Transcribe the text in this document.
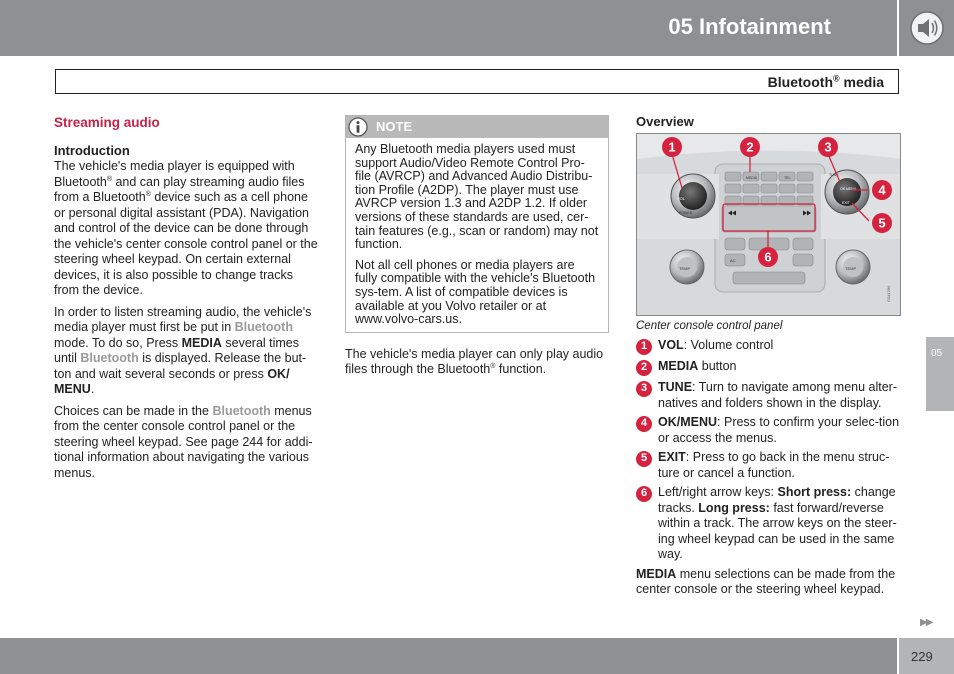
05 Infotainment
Bluetooth® media
Streaming audio
Introduction

The vehicle's media player is equipped with Bluetooth® and can play streaming audio files from a Bluetooth® device such as a cell phone or personal digital assistant (PDA). Navigation and control of the device can be done through the vehicle's center console control panel or the steering wheel keypad. On certain external devices, it is also possible to change tracks from the device.

In order to listen streaming audio, the vehicle's media player must first be put in Bluetooth mode. To do so, Press MEDIA several times until Bluetooth is displayed. Release the but-ton and wait several seconds or press OK/ MENU.

Choices can be made in the Bluetooth menus from the center console control panel or the steering wheel keypad. See page 244 for addi-tional information about navigating the various menus.

NOTE

Any Bluetooth media players used must support Audio/Video Remote Control Pro-file (AVRCP) and Advanced Audio Distribu-tion Profile (A2DP). The player must use AVRCP version 1.3 and A2DP 1.2. If older versions of these standards are used, cer-tain features (e.g., scan or random) may not function.

Not all cell phones or media players are fully compatible with the vehicle's Bluetooth sys-tem. A list of compatible devices is available at you Volvo retailer or at www.volvo-cars.us.

The vehicle's media player can only play audio files through the Bluetooth® function.

Overview
VOL
POWER
OK MENU
EXIT
TEMP	TEMP
MEDIA	TEL
AC
TUNE
1	2	3
4
5
6
G041296
Center console control panel
1 VOL: Volume control
2 MEDIA button
3 TUNE: Turn to navigate among menu alter-natives and folders shown in the display.
4 OK/MENU: Press to confirm your selec-tion or access the menus.
5 EXIT: Press to go back in the menu struc-ture or cancel a function.
6 Left/right arrow keys: Short press: change tracks. Long press: fast forward/reverse within a track. The arrow keys on the steer-ing wheel keypad can be used in the same way.

MEDIA menu selections can be made from the center console or the steering wheel keypad.

05
▶▶
229
